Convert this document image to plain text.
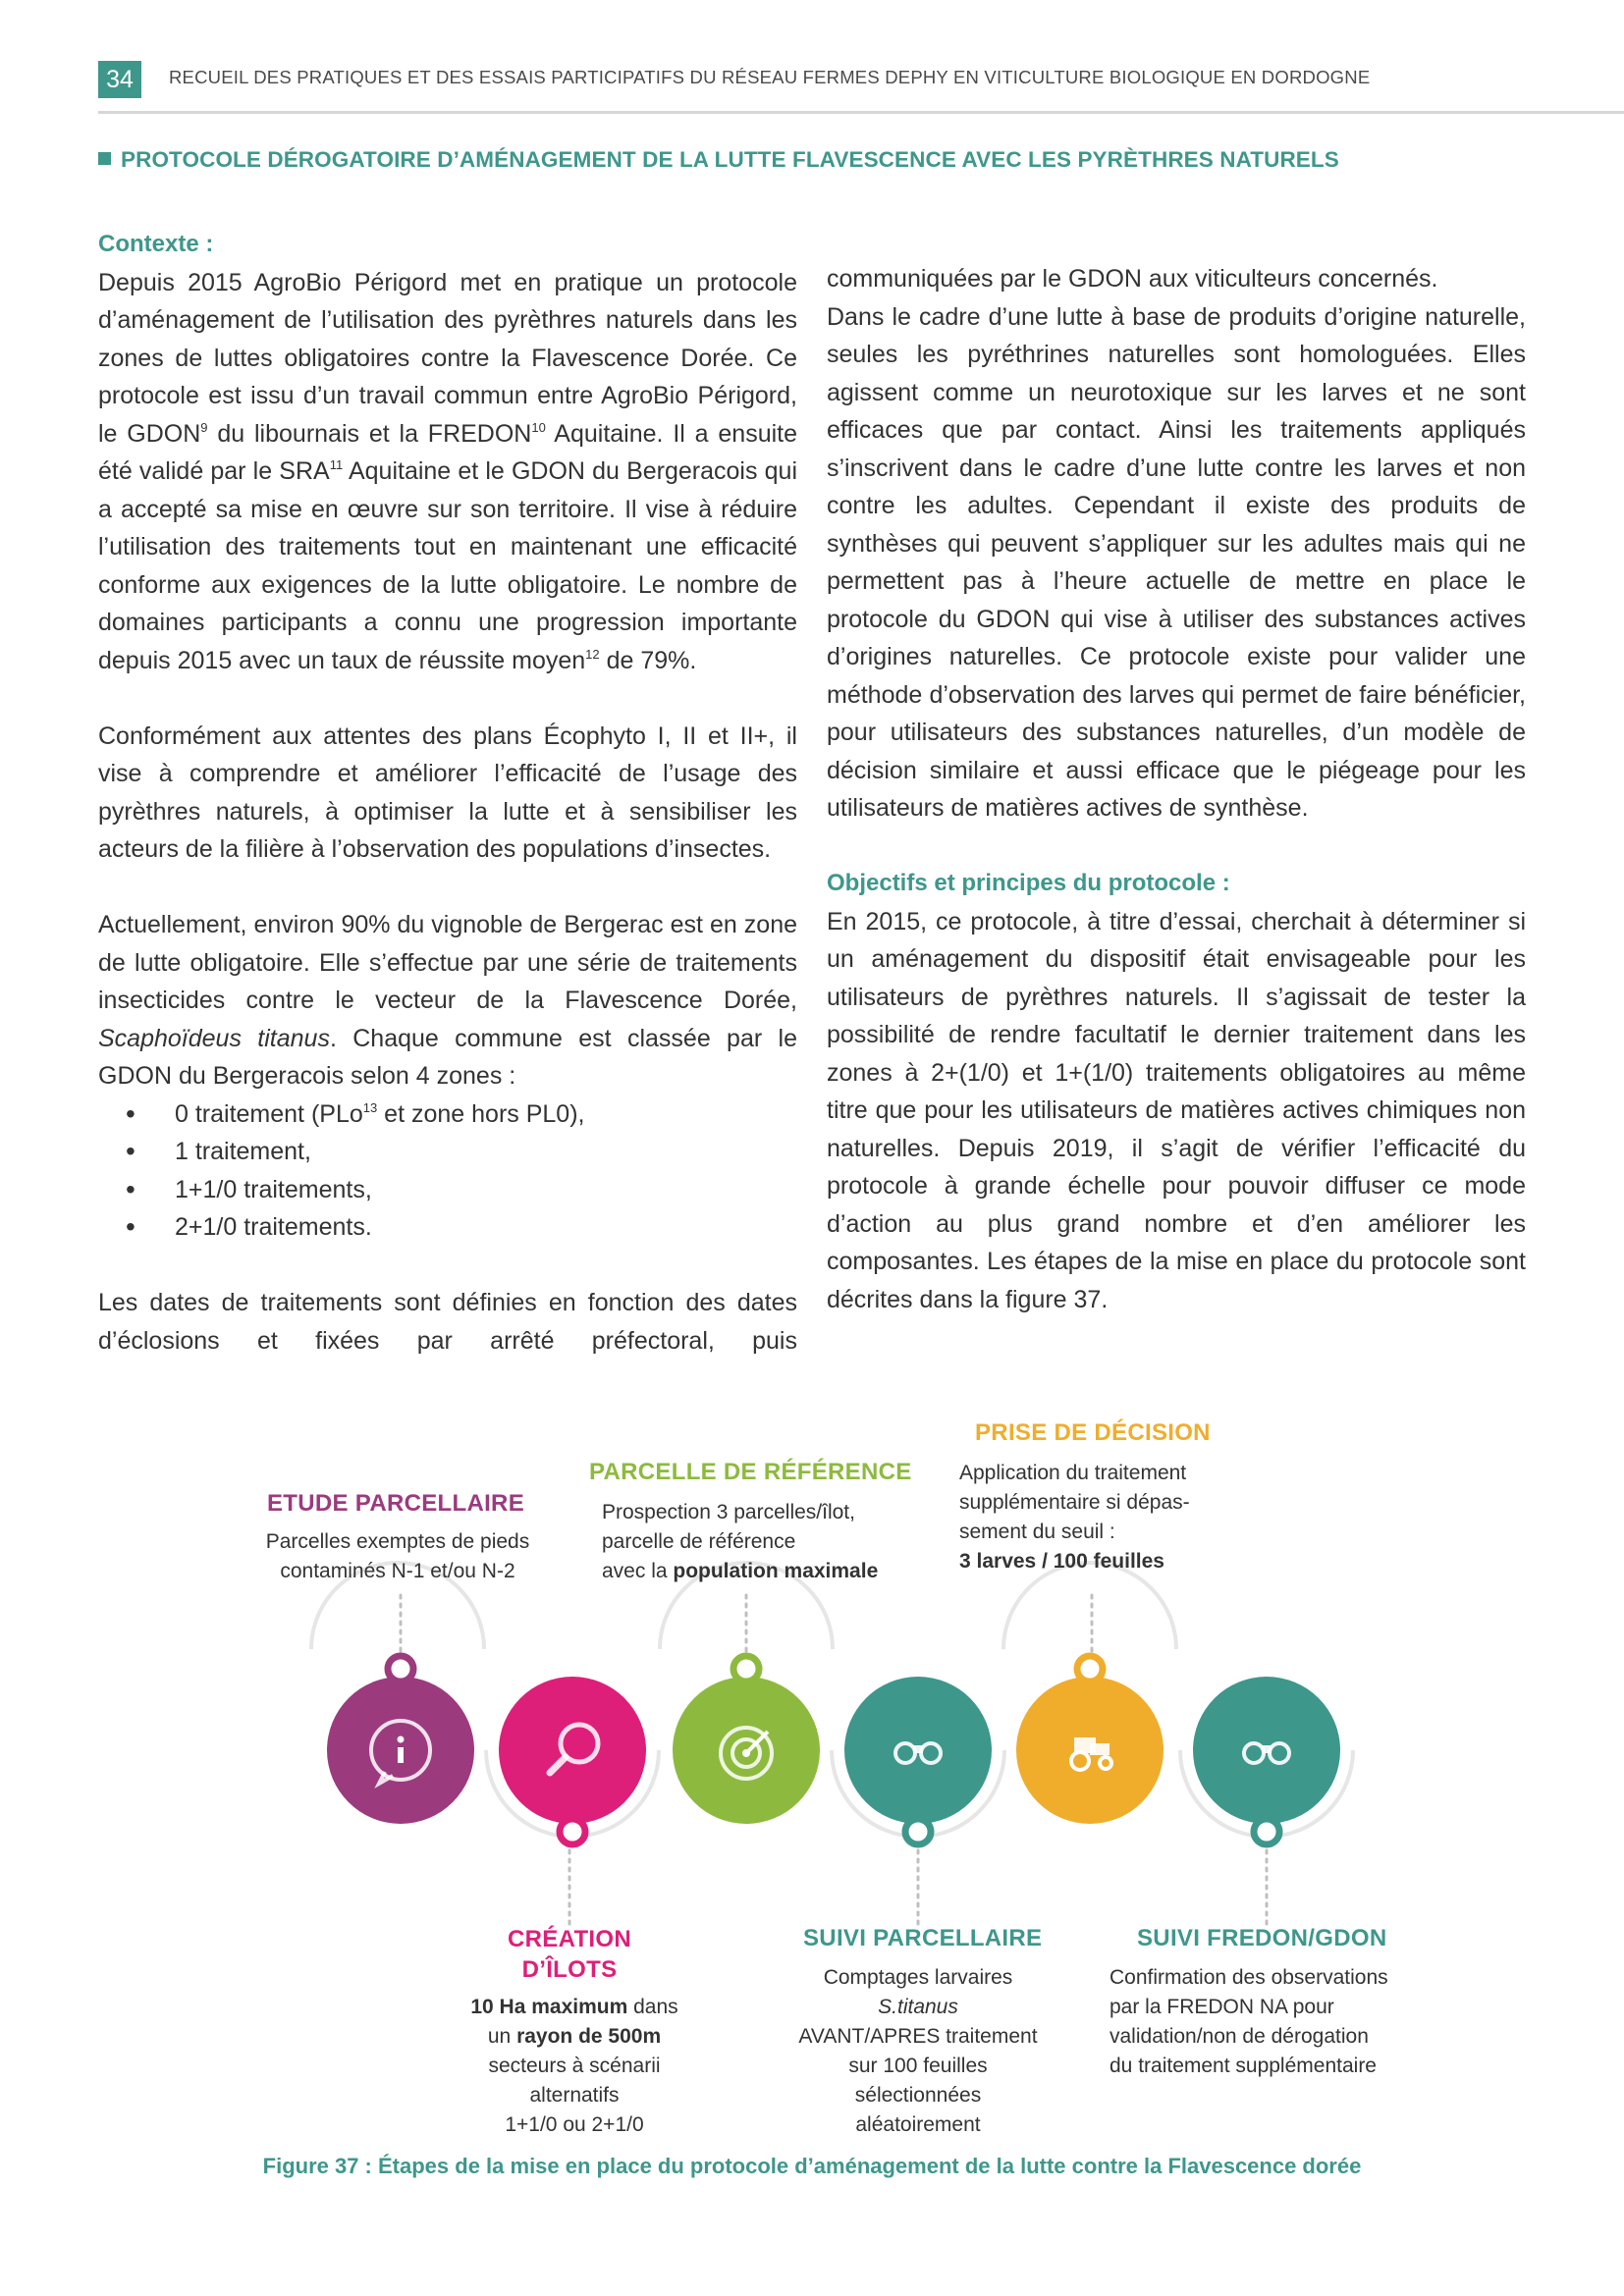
34	RECUEIL DES PRATIQUES ET DES ESSAIS PARTICIPATIFS DU RÉSEAU FERMES DEPHY EN VITICULTURE BIOLOGIQUE EN DORDOGNE
PROTOCOLE DÉROGATOIRE D’AMÉNAGEMENT DE LA LUTTE FLAVESCENCE AVEC LES PYRÈTHRES NATURELS
Contexte :

Depuis 2015 AgroBio Périgord met en pratique un protocole d’aménagement de l’utilisation des pyrèthres naturels dans les zones de luttes obligatoires contre la Flavescence Dorée. Ce protocole est issu d’un travail commun entre AgroBio Périgord, le GDON$^9$ du libournais et la FREDON$^{10}$ Aquitaine. Il a ensuite été validé par le SRA$^{11}$ Aquitaine et le GDON du Bergeracois qui a accepté sa mise en œuvre sur son territoire. Il vise à réduire l’utilisation des traitements tout en maintenant une efficacité conforme aux exigences de la lutte obligatoire. Le nombre de domaines participants a connu une progression importante depuis 2015 avec un taux de réussite moyen$^{12}$ de 79%.

Conformément aux attentes des plans Écophyto I, II et II+, il vise à comprendre et améliorer l’efficacité de l’usage des pyrèthres naturels, à optimiser la lutte et à sensibiliser les acteurs de la filière à l’observation des populations d’insectes.

Actuellement, environ 90% du vignoble de Bergerac est en zone de lutte obligatoire. Elle s’effectue par une série de traitements insecticides contre le vecteur de la Flavescence Dorée, Scaphoïdeus titanus. Chaque commune est classée par le GDON du Bergeracois selon 4 zones :

• 0 traitement (PLo$^{13}$ et zone hors PL0),
• 1 traitement,
• 1+1/0 traitements,
• 2+1/0 traitements.

Les dates de traitements sont définies en fonction des dates d’éclosions et fixées par arrêté préfectoral, puis

communiquées par le GDON aux viticulteurs concernés.

Dans le cadre d’une lutte à base de produits d’origine naturelle, seules les pyréthrines naturelles sont homologuées. Elles agissent comme un neurotoxique sur les larves et ne sont efficaces que par contact. Ainsi les traitements appliqués s’inscrivent dans le cadre d’une lutte contre les larves et non contre les adultes. Cependant il existe des produits de synthèses qui peuvent s’appliquer sur les adultes mais qui ne permettent pas à l’heure actuelle de mettre en place le protocole du GDON qui vise à utiliser des substances actives d’origines naturelles. Ce protocole existe pour valider une méthode d’observation des larves qui permet de faire bénéficier, pour utilisateurs des substances naturelles, d’un modèle de décision similaire et aussi efficace que le piégeage pour les utilisateurs de matières actives de synthèse.

Objectifs et principes du protocole :

En 2015, ce protocole, à titre d’essai, cherchait à déterminer si un aménagement du dispositif était envisageable pour les utilisateurs de pyrèthres naturels. Il s’agissait de tester la possibilité de rendre facultatif le dernier traitement dans les zones à 2+(1/0) et 1+(1/0) traitements obligatoires au même titre que pour les utilisateurs de matières actives chimiques non naturelles. Depuis 2019, il s’agit de vérifier l’efficacité du protocole à grande échelle pour pouvoir diffuser ce mode d’action au plus grand nombre et d’en améliorer les composantes. Les étapes de la mise en place du protocole sont décrites dans la figure 37.

ETUDE PARCELLAIRE
Parcelles exemptes de pieds
contaminés N-1 et/ou N-2
PARCELLE DE RÉFÉRENCE
Prospection 3 parcelles/îlot,
parcelle de référence
avec la population maximale
PRISE DE DÉCISION
Application du traitement
supplémentaire si dépas-
sement du seuil :
3 larves / 100 feuilles
CRÉATION
D’ÎLOTS
10 Ha maximum dans
un rayon de 500m
secteurs à scénarii
alternatifs
1+1/0 ou 2+1/0
SUIVI PARCELLAIRE
Comptages larvaires
S.titanus
AVANT/APRES traitement
sur 100 feuilles
sélectionnées
aléatoirement
SUIVI FREDON/GDON
Confirmation des observations
par la FREDON NA pour
validation/non de dérogation
du traitement supplémentaire
Figure 37 : Étapes de la mise en place du protocole d’aménagement de la lutte contre la Flavescence dorée
